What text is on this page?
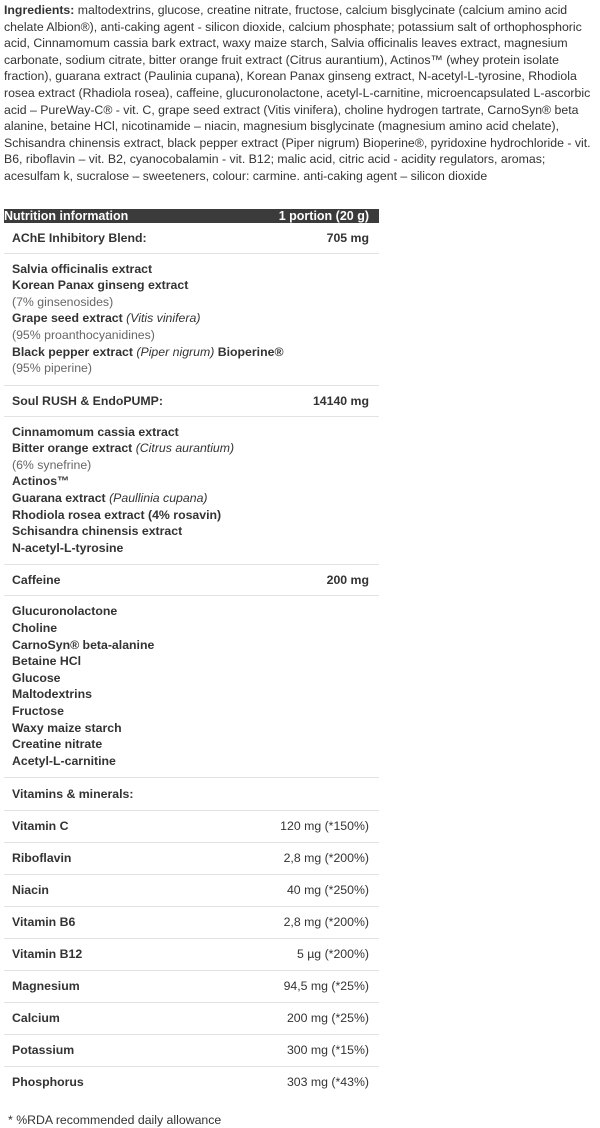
Ingredients: maltodextrins, glucose, creatine nitrate, fructose, calcium bisglycinate (calcium amino acid chelate Albion®), anti-caking agent - silicon dioxide, calcium phosphate; potassium salt of orthophosphoric acid, Cinnamomum cassia bark extract, waxy maize starch, Salvia officinalis leaves extract, magnesium carbonate, sodium citrate, bitter orange fruit extract (Citrus aurantium), Actinos™ (whey protein isolate fraction), guarana extract (Paulinia cupana), Korean Panax ginseng extract, N-acetyl-L-tyrosine, Rhodiola rosea extract (Rhadiola rosea), caffeine, glucuronolactone, acetyl-L-carnitine, microencapsulated L-ascorbic acid – PureWay-C® - vit. C, grape seed extract (Vitis vinifera), choline hydrogen tartrate, CarnoSyn® beta alanine, betaine HCl, nicotinamide – niacin, magnesium bisglycinate (magnesium amino acid chelate), Schisandra chinensis extract, black pepper extract (Piper nigrum) Bioperine®, pyridoxine hydrochloride - vit. B6, riboflavin – vit. B2, cyanocobalamin - vit. B12; malic acid, citric acid - acidity regulators, aromas; acesulfam k, sucralose – sweeteners, colour: carmine. anti-caking agent – silicon dioxide

Nutrition information	1 portion (20 g)
AChE Inhibitory Blend:	705 mg

Salvia officinalis extract
Korean Panax ginseng extract
(7% ginsenosides)
Grape seed extract (Vitis vinifera)
(95% proanthocyanidines)
Black pepper extract (Piper nigrum) Bioperine®
(95% piperine)

Soul RUSH & EndoPUMP:	14140 mg

Cinnamomum cassia extract
Bitter orange extract (Citrus aurantium)
(6% synefrine)
Actinos™
Guarana extract (Paullinia cupana)
Rhodiola rosea extract (4% rosavin)
Schisandra chinensis extract
N-acetyl-L-tyrosine

Caffeine	200 mg

Glucuronolactone
Choline
CarnoSyn® beta-alanine
Betaine HCl
Glucose
Maltodextrins
Fructose
Waxy maize starch
Creatine nitrate
Acetyl-L-carnitine

Vitamins & minerals:	
Vitamin C	120 mg (*150%)
Riboflavin	2,8 mg (*200%)
Niacin	40 mg (*250%)
Vitamin B6	2,8 mg (*200%)
Vitamin B12	5 µg (*200%)
Magnesium	94,5 mg (*25%)
Calcium	200 mg (*25%)
Potassium	300 mg (*15%)
Phosphorus	303 mg (*43%)
* %RDA recommended daily allowance
